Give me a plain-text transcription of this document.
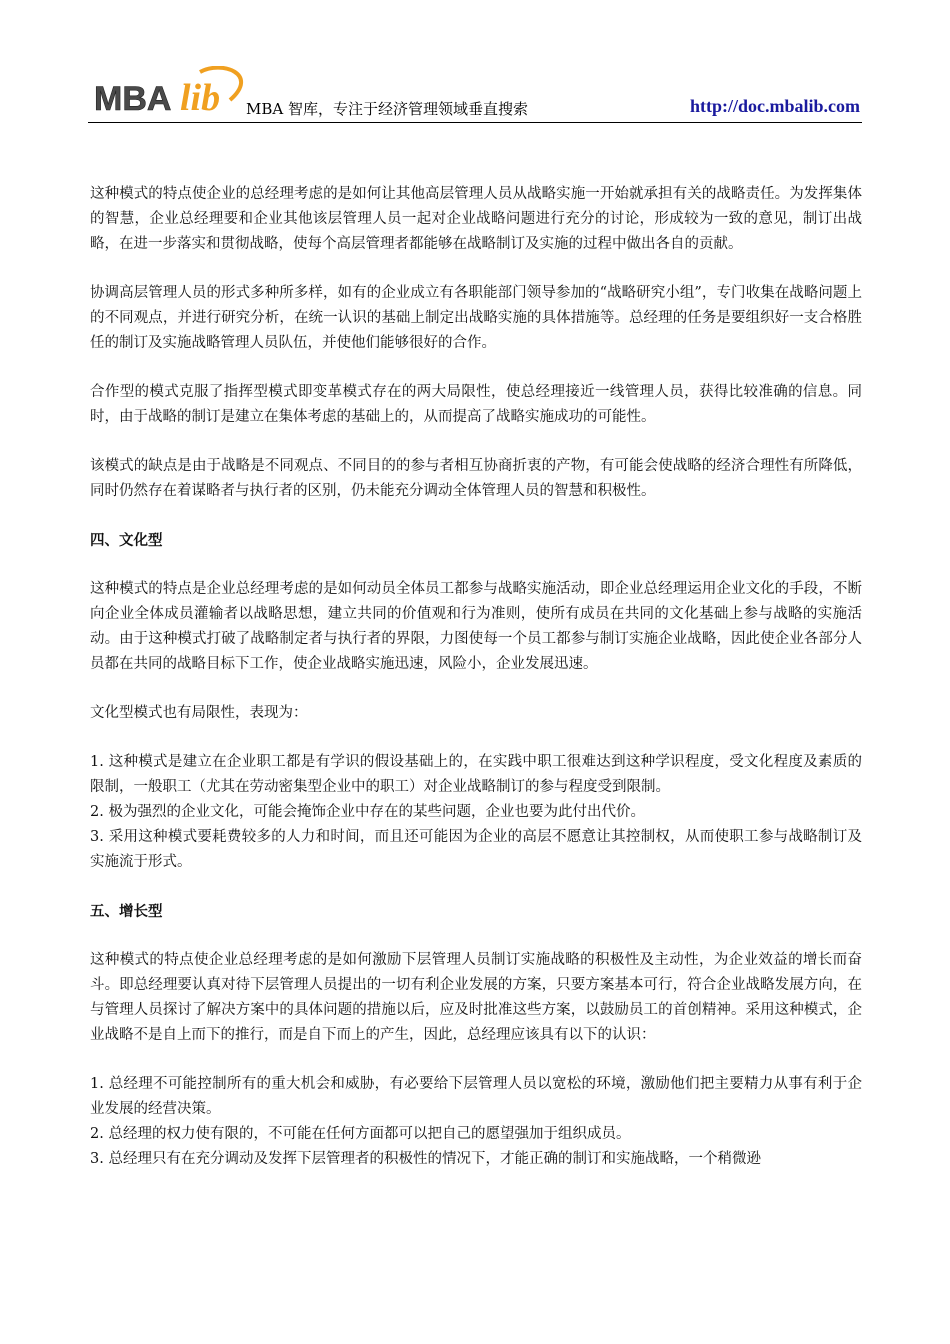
MBA lib MBA 智库，专注于经济管理领域垂直搜索	http://doc.mbalib.com

这种模式的特点使企业的总经理考虑的是如何让其他高层管理人员从战略实施一开始就承担有关的战略责任。为发挥集体的智慧，企业总经理要和企业其他该层管理人员一起对企业战略问题进行充分的讨论，形成较为一致的意见，制订出战略，在进一步落实和贯彻战略，使每个高层管理者都能够在战略制订及实施的过程中做出各自的贡献。

协调高层管理人员的形式多种所多样，如有的企业成立有各职能部门领导参加的“战略研究小组”，专门收集在战略问题上的不同观点，并进行研究分析，在统一认识的基础上制定出战略实施的具体措施等。总经理的任务是要组织好一支合格胜任的制订及实施战略管理人员队伍，并使他们能够很好的合作。

合作型的模式克服了指挥型模式即变革模式存在的两大局限性，使总经理接近一线管理人员，获得比较准确的信息。同时，由于战略的制订是建立在集体考虑的基础上的，从而提高了战略实施成功的可能性。

该模式的缺点是由于战略是不同观点、不同目的的参与者相互协商折衷的产物，有可能会使战略的经济合理性有所降低，同时仍然存在着谋略者与执行者的区别，仍未能充分调动全体管理人员的智慧和积极性。

四、文化型

这种模式的特点是企业总经理考虑的是如何动员全体员工都参与战略实施活动，即企业总经理运用企业文化的手段，不断向企业全体成员灌输者以战略思想，建立共同的价值观和行为准则，使所有成员在共同的文化基础上参与战略的实施活动。由于这种模式打破了战略制定者与执行者的界限，力图使每一个员工都参与制订实施企业战略，因此使企业各部分人员都在共同的战略目标下工作，使企业战略实施迅速，风险小，企业发展迅速。

文化型模式也有局限性，表现为：

1. 这种模式是建立在企业职工都是有学识的假设基础上的，在实践中职工很难达到这种学识程度，受文化程度及素质的限制，一般职工（尤其在劳动密集型企业中的职工）对企业战略制订的参与程度受到限制。

2. 极为强烈的企业文化，可能会掩饰企业中存在的某些问题，企业也要为此付出代价。

3. 采用这种模式要耗费较多的人力和时间，而且还可能因为企业的高层不愿意让其控制权，从而使职工参与战略制订及实施流于形式。

五、增长型

这种模式的特点使企业总经理考虑的是如何激励下层管理人员制订实施战略的积极性及主动性，为企业效益的增长而奋斗。即总经理要认真对待下层管理人员提出的一切有利企业发展的方案，只要方案基本可行，符合企业战略发展方向，在与管理人员探讨了解决方案中的具体问题的措施以后，应及时批准这些方案，以鼓励员工的首创精神。采用这种模式，企业战略不是自上而下的推行，而是自下而上的产生，因此，总经理应该具有以下的认识：

1. 总经理不可能控制所有的重大机会和威胁，有必要给下层管理人员以宽松的环境，激励他们把主要精力从事有利于企业发展的经营决策。

2. 总经理的权力使有限的，不可能在任何方面都可以把自己的愿望强加于组织成员。

3. 总经理只有在充分调动及发挥下层管理者的积极性的情况下，才能正确的制订和实施战略，一个稍微逊
